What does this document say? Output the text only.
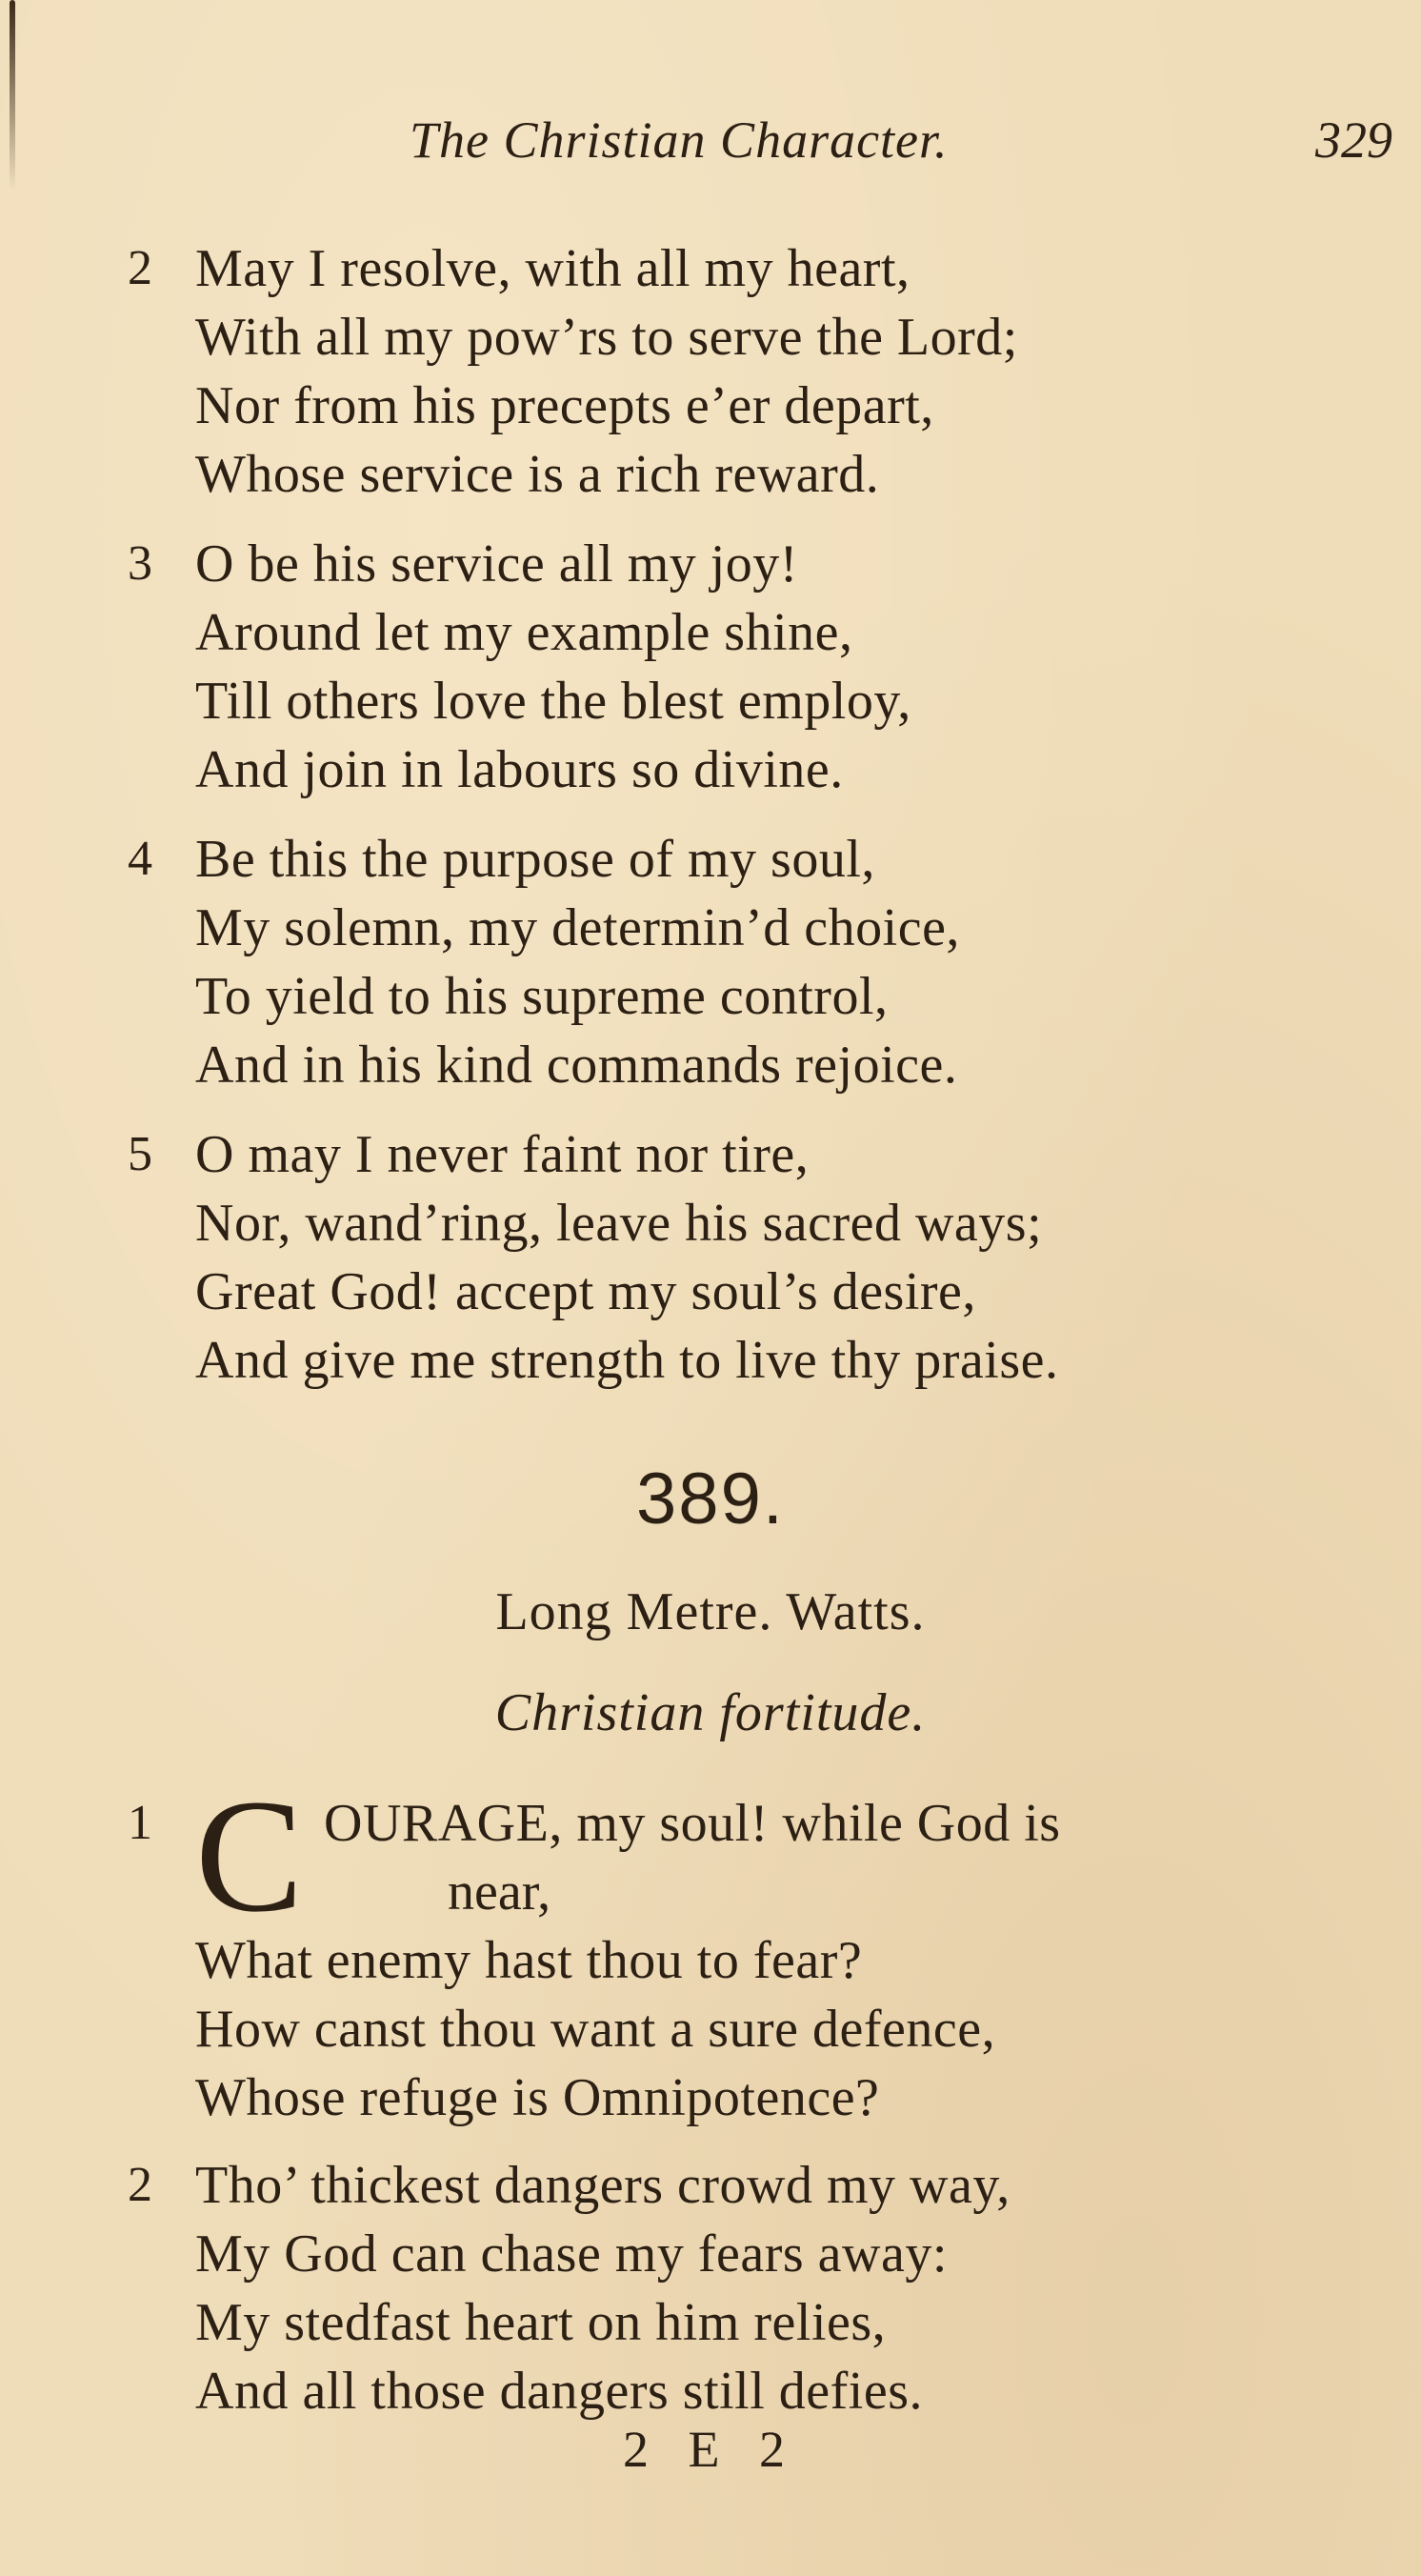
The Christian Character.	329
2 May I resolve, with all my heart,
With all my pow’rs to serve the Lord;
Nor from his precepts e’er depart,
Whose service is a rich reward.
3 O be his service all my joy!
Around let my example shine,
Till others love the blest employ,
And join in labours so divine.
4 Be this the purpose of my soul,
My solemn, my determin’d choice,
To yield to his supreme control,
And in his kind commands rejoice.
5 O may I never faint nor tire,
Nor, wand’ring, leave his sacred ways;
Great God! accept my soul’s desire,
And give me strength to live thy praise.
389.
Long Metre. Watts.
Christian fortitude.
1 C OURAGE, my soul! while God is
near,
What enemy hast thou to fear?
How canst thou want a sure defence,
Whose refuge is Omnipotence?
2 Tho’ thickest dangers crowd my way,
My God can chase my fears away:
My stedfast heart on him relies,
And all those dangers still defies.
2 E 2
